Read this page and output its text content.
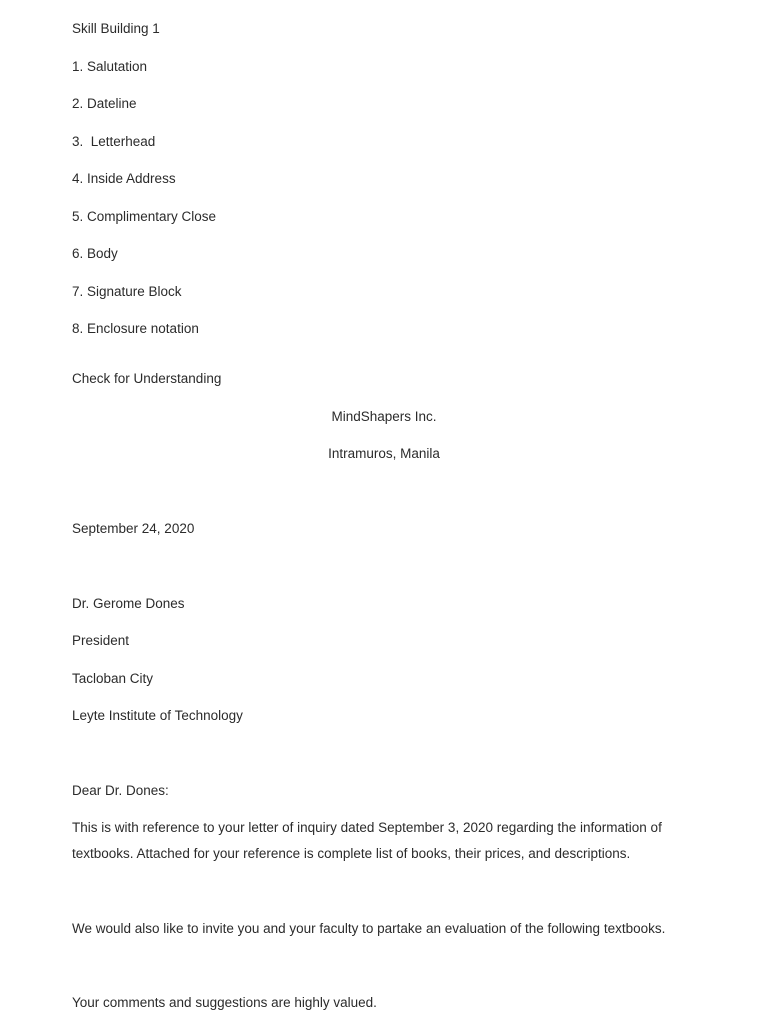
Skill Building 1
1. Salutation
2. Dateline
3.  Letterhead
4. Inside Address
5. Complimentary Close
6. Body
7. Signature Block
8. Enclosure notation
Check for Understanding
MindShapers Inc.
Intramuros, Manila
September 24, 2020
Dr. Gerome Dones
President
Tacloban City
Leyte Institute of Technology
Dear Dr. Dones:
This is with reference to your letter of inquiry dated September 3, 2020 regarding the information of
textbooks. Attached for your reference is complete list of books, their prices, and descriptions.
We would also like to invite you and your faculty to partake an evaluation of the following textbooks.
Your comments and suggestions are highly valued.
